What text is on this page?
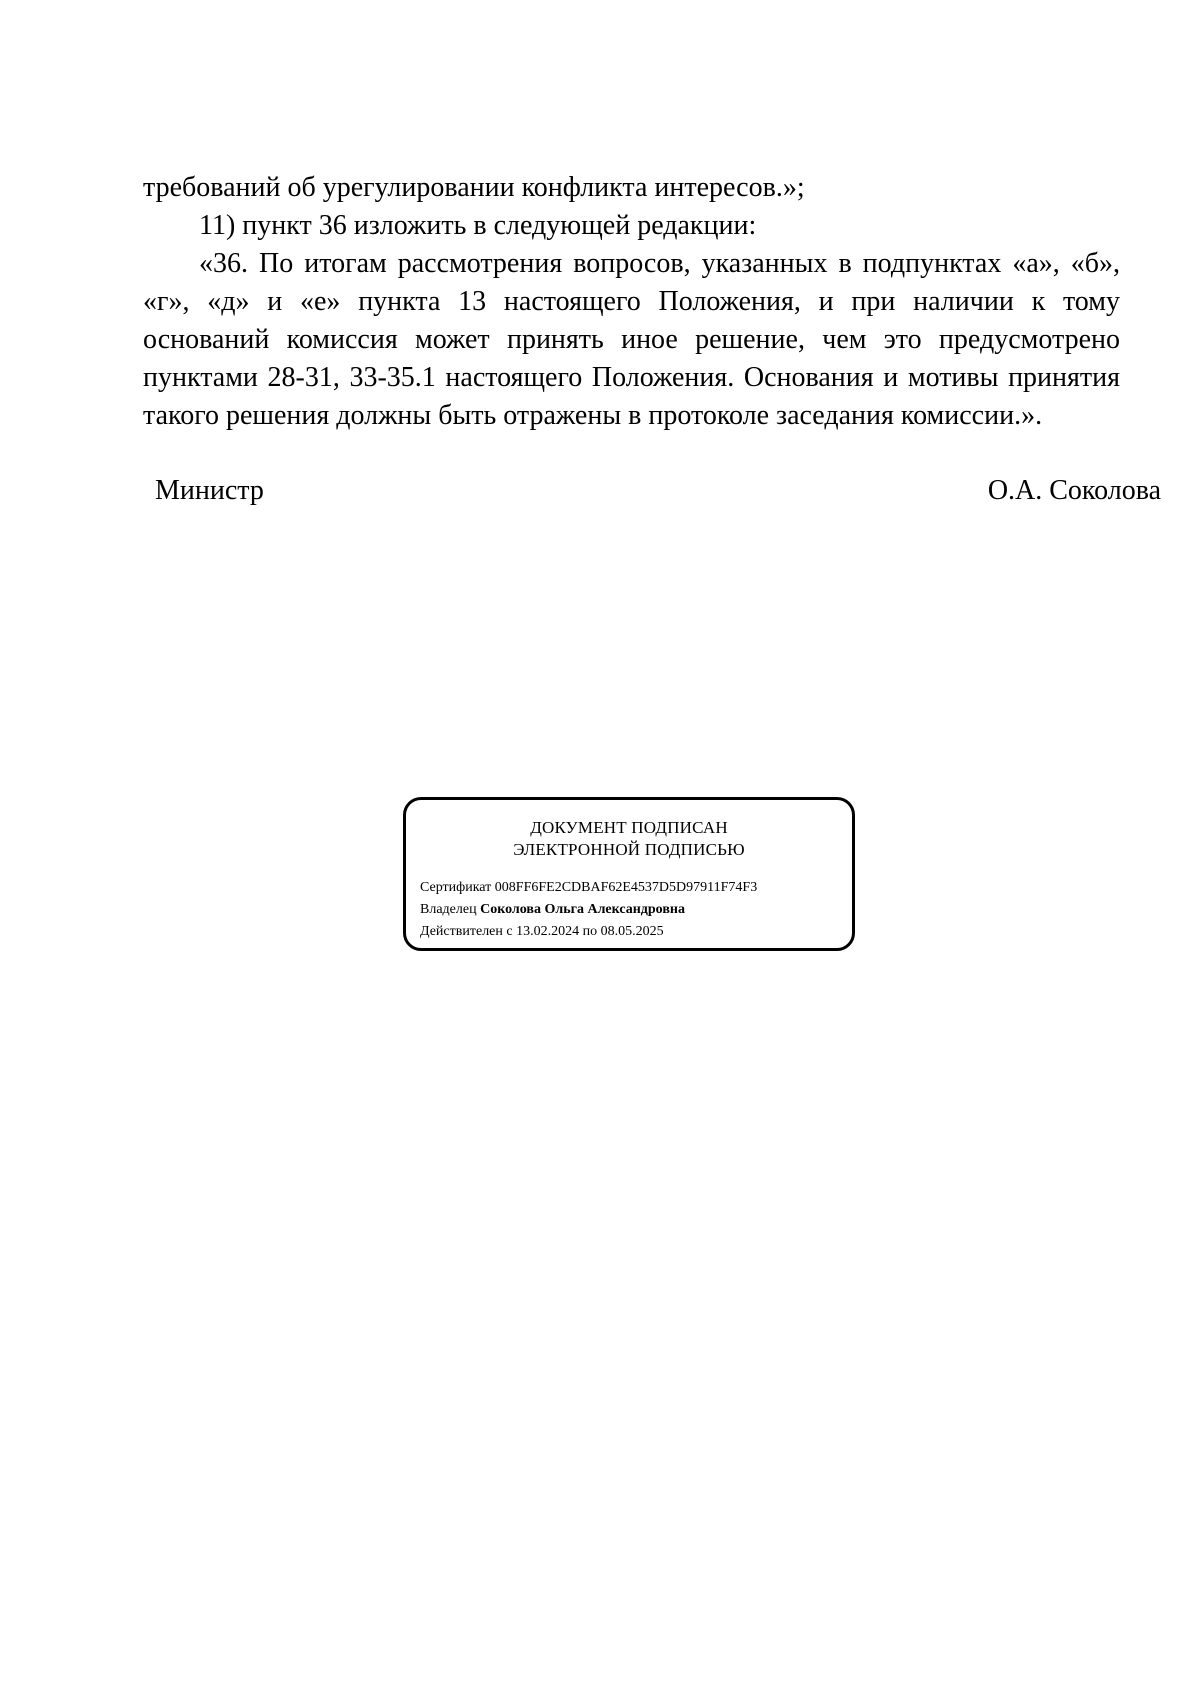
требований об урегулировании конфликта интересов.»;

11) пункт 36 изложить в следующей редакции:

«36. По итогам рассмотрения вопросов, указанных в подпунктах «а», «б», «г», «д» и «е» пункта 13 настоящего Положения, и при наличии к тому оснований комиссия может принять иное решение, чем это предусмотрено пунктами 28-31, 33-35.1 настоящего Положения. Основания и мотивы принятия такого решения должны быть отражены в протоколе заседания комиссии.».

Министр	О.А. Соколова
ДОКУМЕНТ ПОДПИСАН
ЭЛЕКТРОННОЙ ПОДПИСЬЮ
Сертификат 008FF6FE2CDBAF62E4537D5D97911F74F3
Владелец Соколова Ольга Александровна
Действителен с 13.02.2024 по 08.05.2025
